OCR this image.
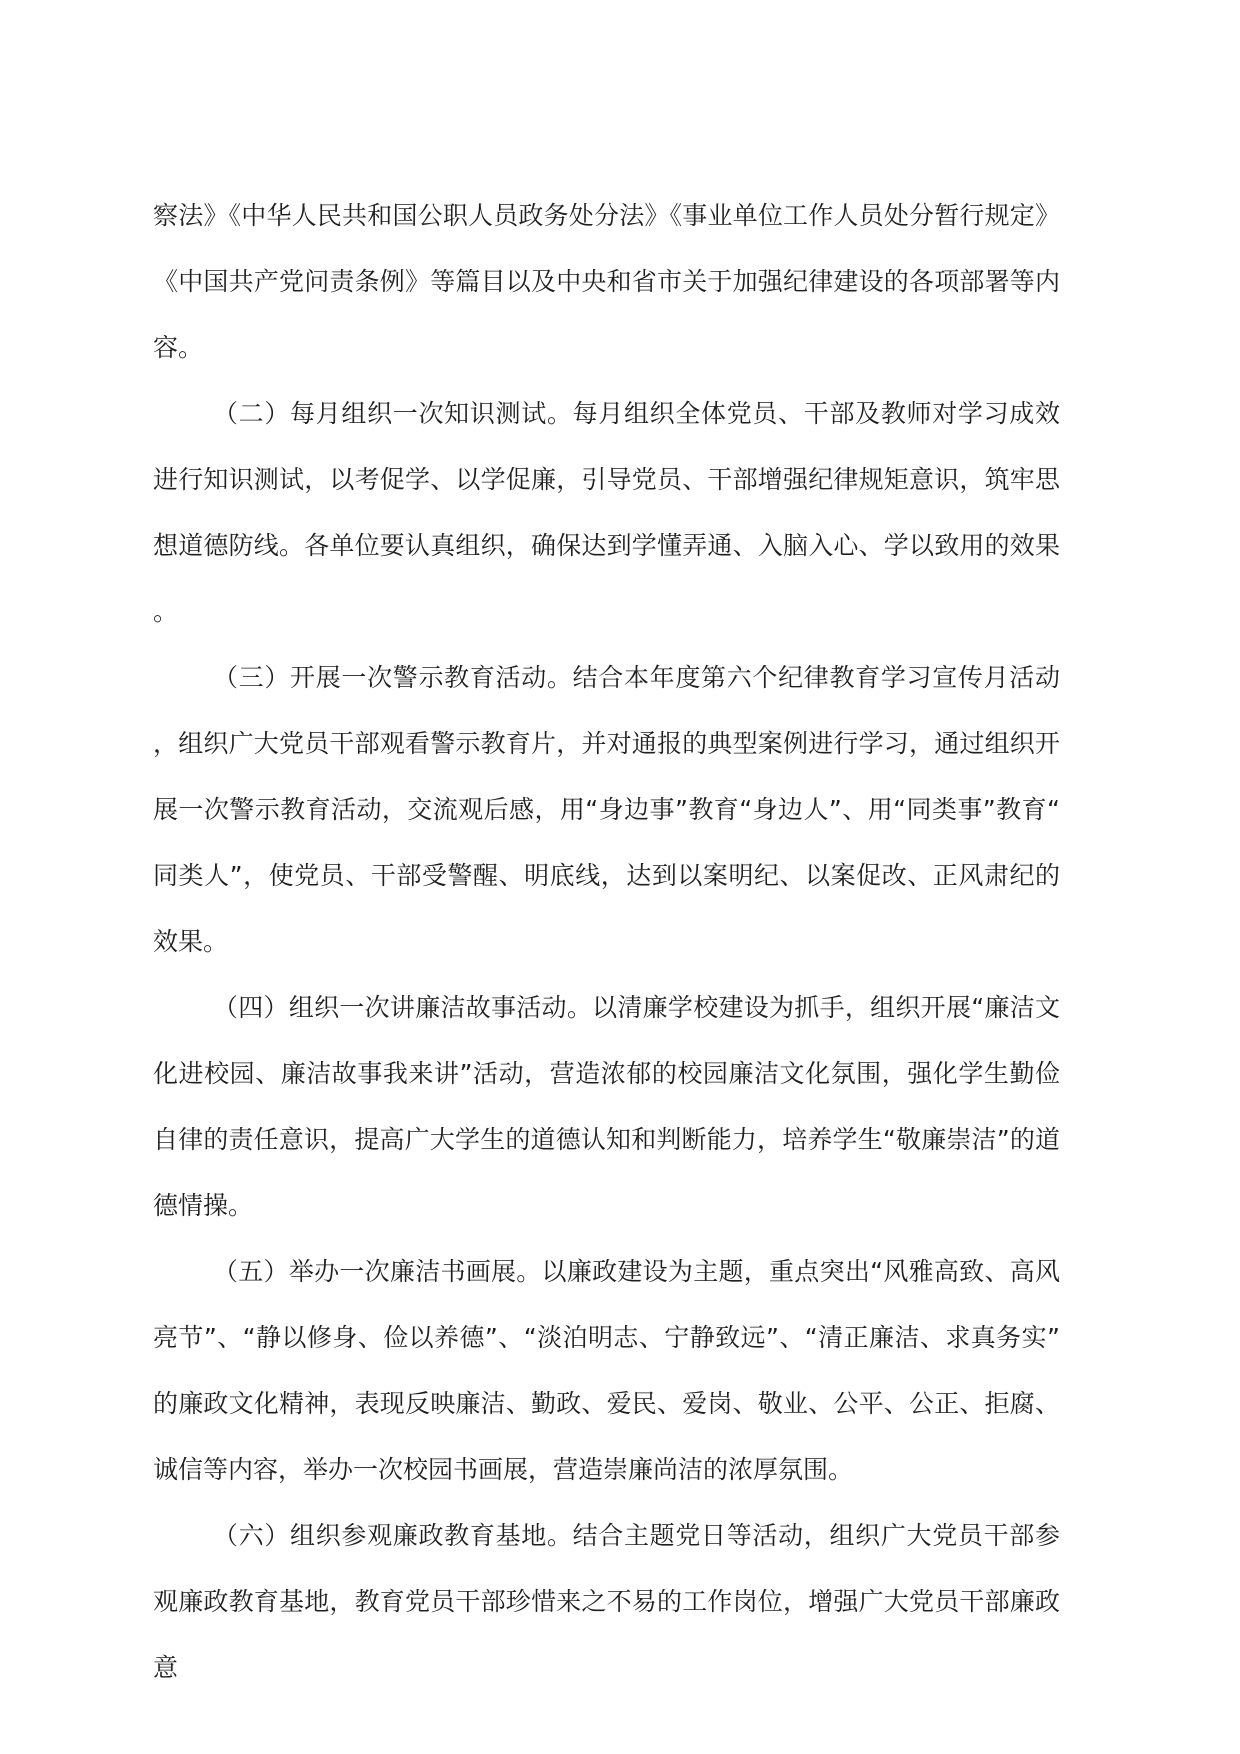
察法》《中华人民共和国公职人员政务处分法》《事业单位工作人员处分暂行规定》《中国共产党问责条例》等篇目以及中央和省市关于加强纪律建设的各项部署等内容。

（二）每月组织一次知识测试。每月组织全体党员、干部及教师对学习成效进行知识测试，以考促学、以学促廉，引导党员、干部增强纪律规矩意识，筑牢思想道德防线。各单位要认真组织，确保达到学懂弄通、入脑入心、学以致用的效果。

（三）开展一次警示教育活动。结合本年度第六个纪律教育学习宣传月活动，组织广大党员干部观看警示教育片，并对通报的典型案例进行学习，通过组织开展一次警示教育活动，交流观后感，用“身边事”教育“身边人”、用“同类事”教育“同类人”，使党员、干部受警醒、明底线，达到以案明纪、以案促改、正风肃纪的效果。

（四）组织一次讲廉洁故事活动。以清廉学校建设为抓手，组织开展“廉洁文化进校园、廉洁故事我来讲”活动，营造浓郁的校园廉洁文化氛围，强化学生勤俭自律的责任意识，提高广大学生的道德认知和判断能力，培养学生“敬廉崇洁”的道德情操。

（五）举办一次廉洁书画展。以廉政建设为主题，重点突出“风雅高致、高风亮节”、“静以修身、俭以养德”、“淡泊明志、宁静致远”、“清正廉洁、求真务实”的廉政文化精神，表现反映廉洁、勤政、爱民、爱岗、敬业、公平、公正、拒腐、诚信等内容，举办一次校园书画展，营造崇廉尚洁的浓厚氛围。

（六）组织参观廉政教育基地。结合主题党日等活动，组织广大党员干部参观廉政教育基地，教育党员干部珍惜来之不易的工作岗位，增强广大党员干部廉政意
